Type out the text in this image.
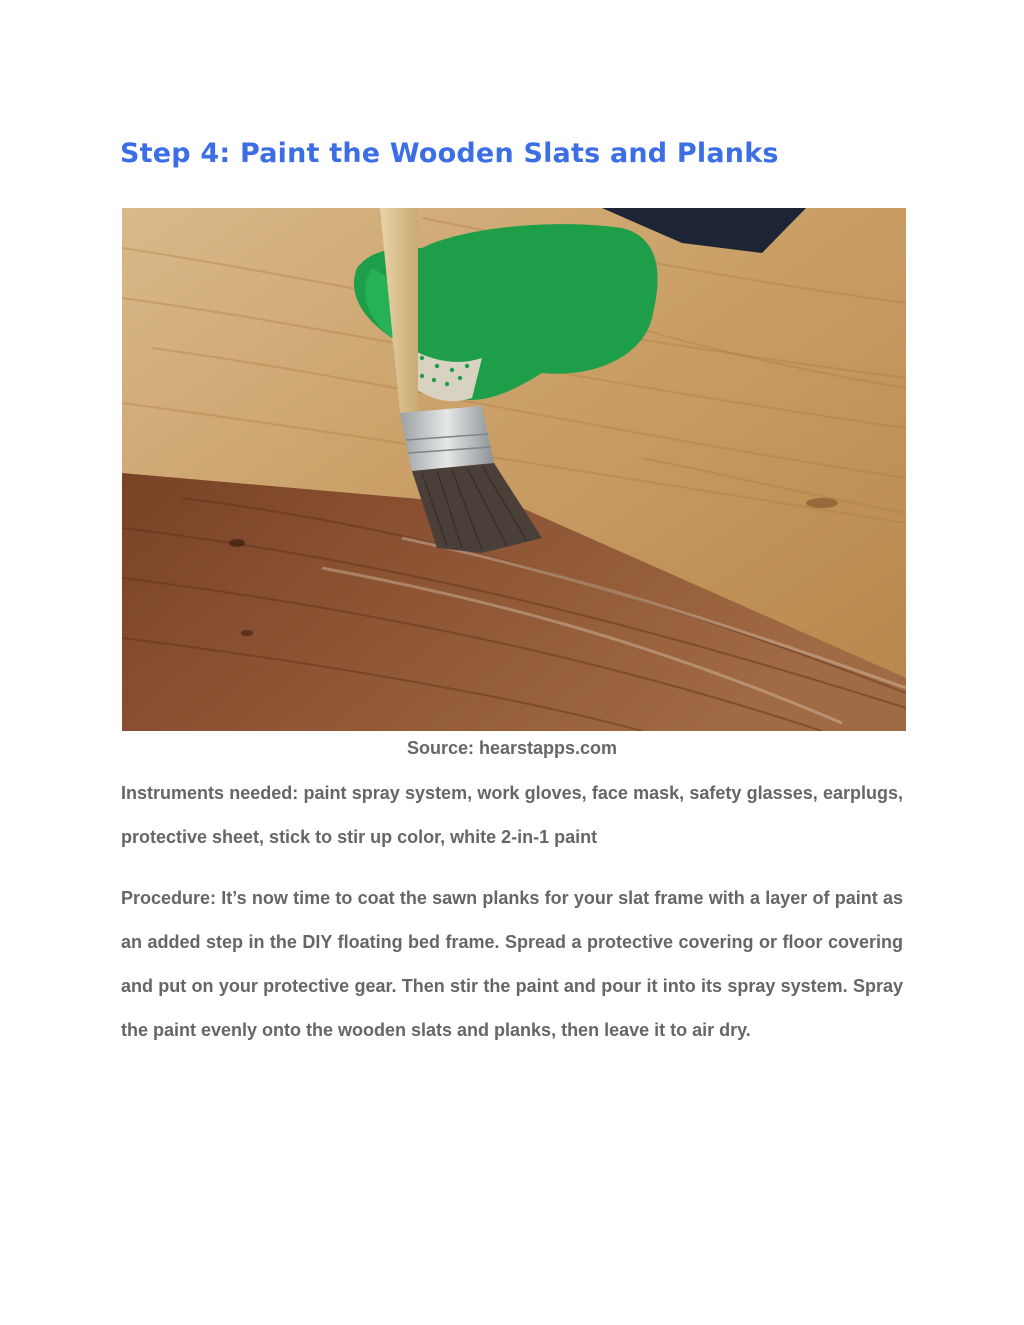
Step 4: Paint the Wooden Slats and Planks
Source: hearstapps.com

Instruments needed: paint spray system, work gloves, face mask, safety glasses, earplugs, protective sheet, stick to stir up color, white 2-in-1 paint

Procedure: It’s now time to coat the sawn planks for your slat frame with a layer of paint as an added step in the DIY floating bed frame. Spread a protective covering or floor covering and put on your protective gear. Then stir the paint and pour it into its spray system. Spray the paint evenly onto the wooden slats and planks, then leave it to air dry.
